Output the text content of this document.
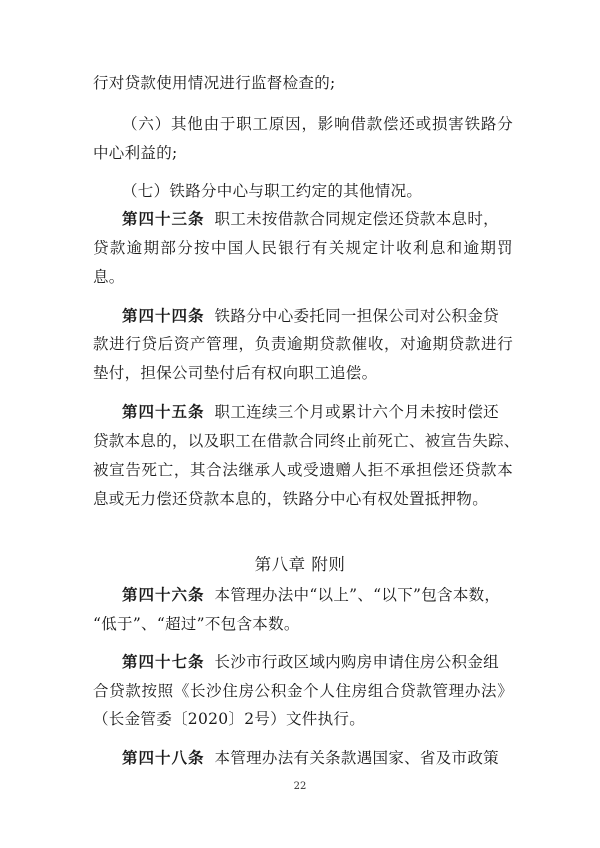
行对贷款使用情况进行监督检查的;
（六）其他由于职工原因，影响借款偿还或损害铁路分
中心利益的;
（七）铁路分中心与职工约定的其他情况。
第四十三条 职工未按借款合同规定偿还贷款本息时，
贷款逾期部分按中国人民银行有关规定计收利息和逾期罚
息。
第四十四条 铁路分中心委托同一担保公司对公积金贷
款进行贷后资产管理，负责逾期贷款催收，对逾期贷款进行
垫付，担保公司垫付后有权向职工追偿。
第四十五条 职工连续三个月或累计六个月未按时偿还
贷款本息的，以及职工在借款合同终止前死亡、被宣告失踪、
被宣告死亡，其合法继承人或受遗赠人拒不承担偿还贷款本
息或无力偿还贷款本息的，铁路分中心有权处置抵押物。
第八章 附则
第四十六条 本管理办法中“以上”、“以下”包含本数，
“低于”、“超过”不包含本数。
第四十七条 长沙市行政区域内购房申请住房公积金组
合贷款按照《长沙住房公积金个人住房组合贷款管理办法》
（长金管委〔2020〕2号）文件执行。
第四十八条 本管理办法有关条款遇国家、省及市政策
22
